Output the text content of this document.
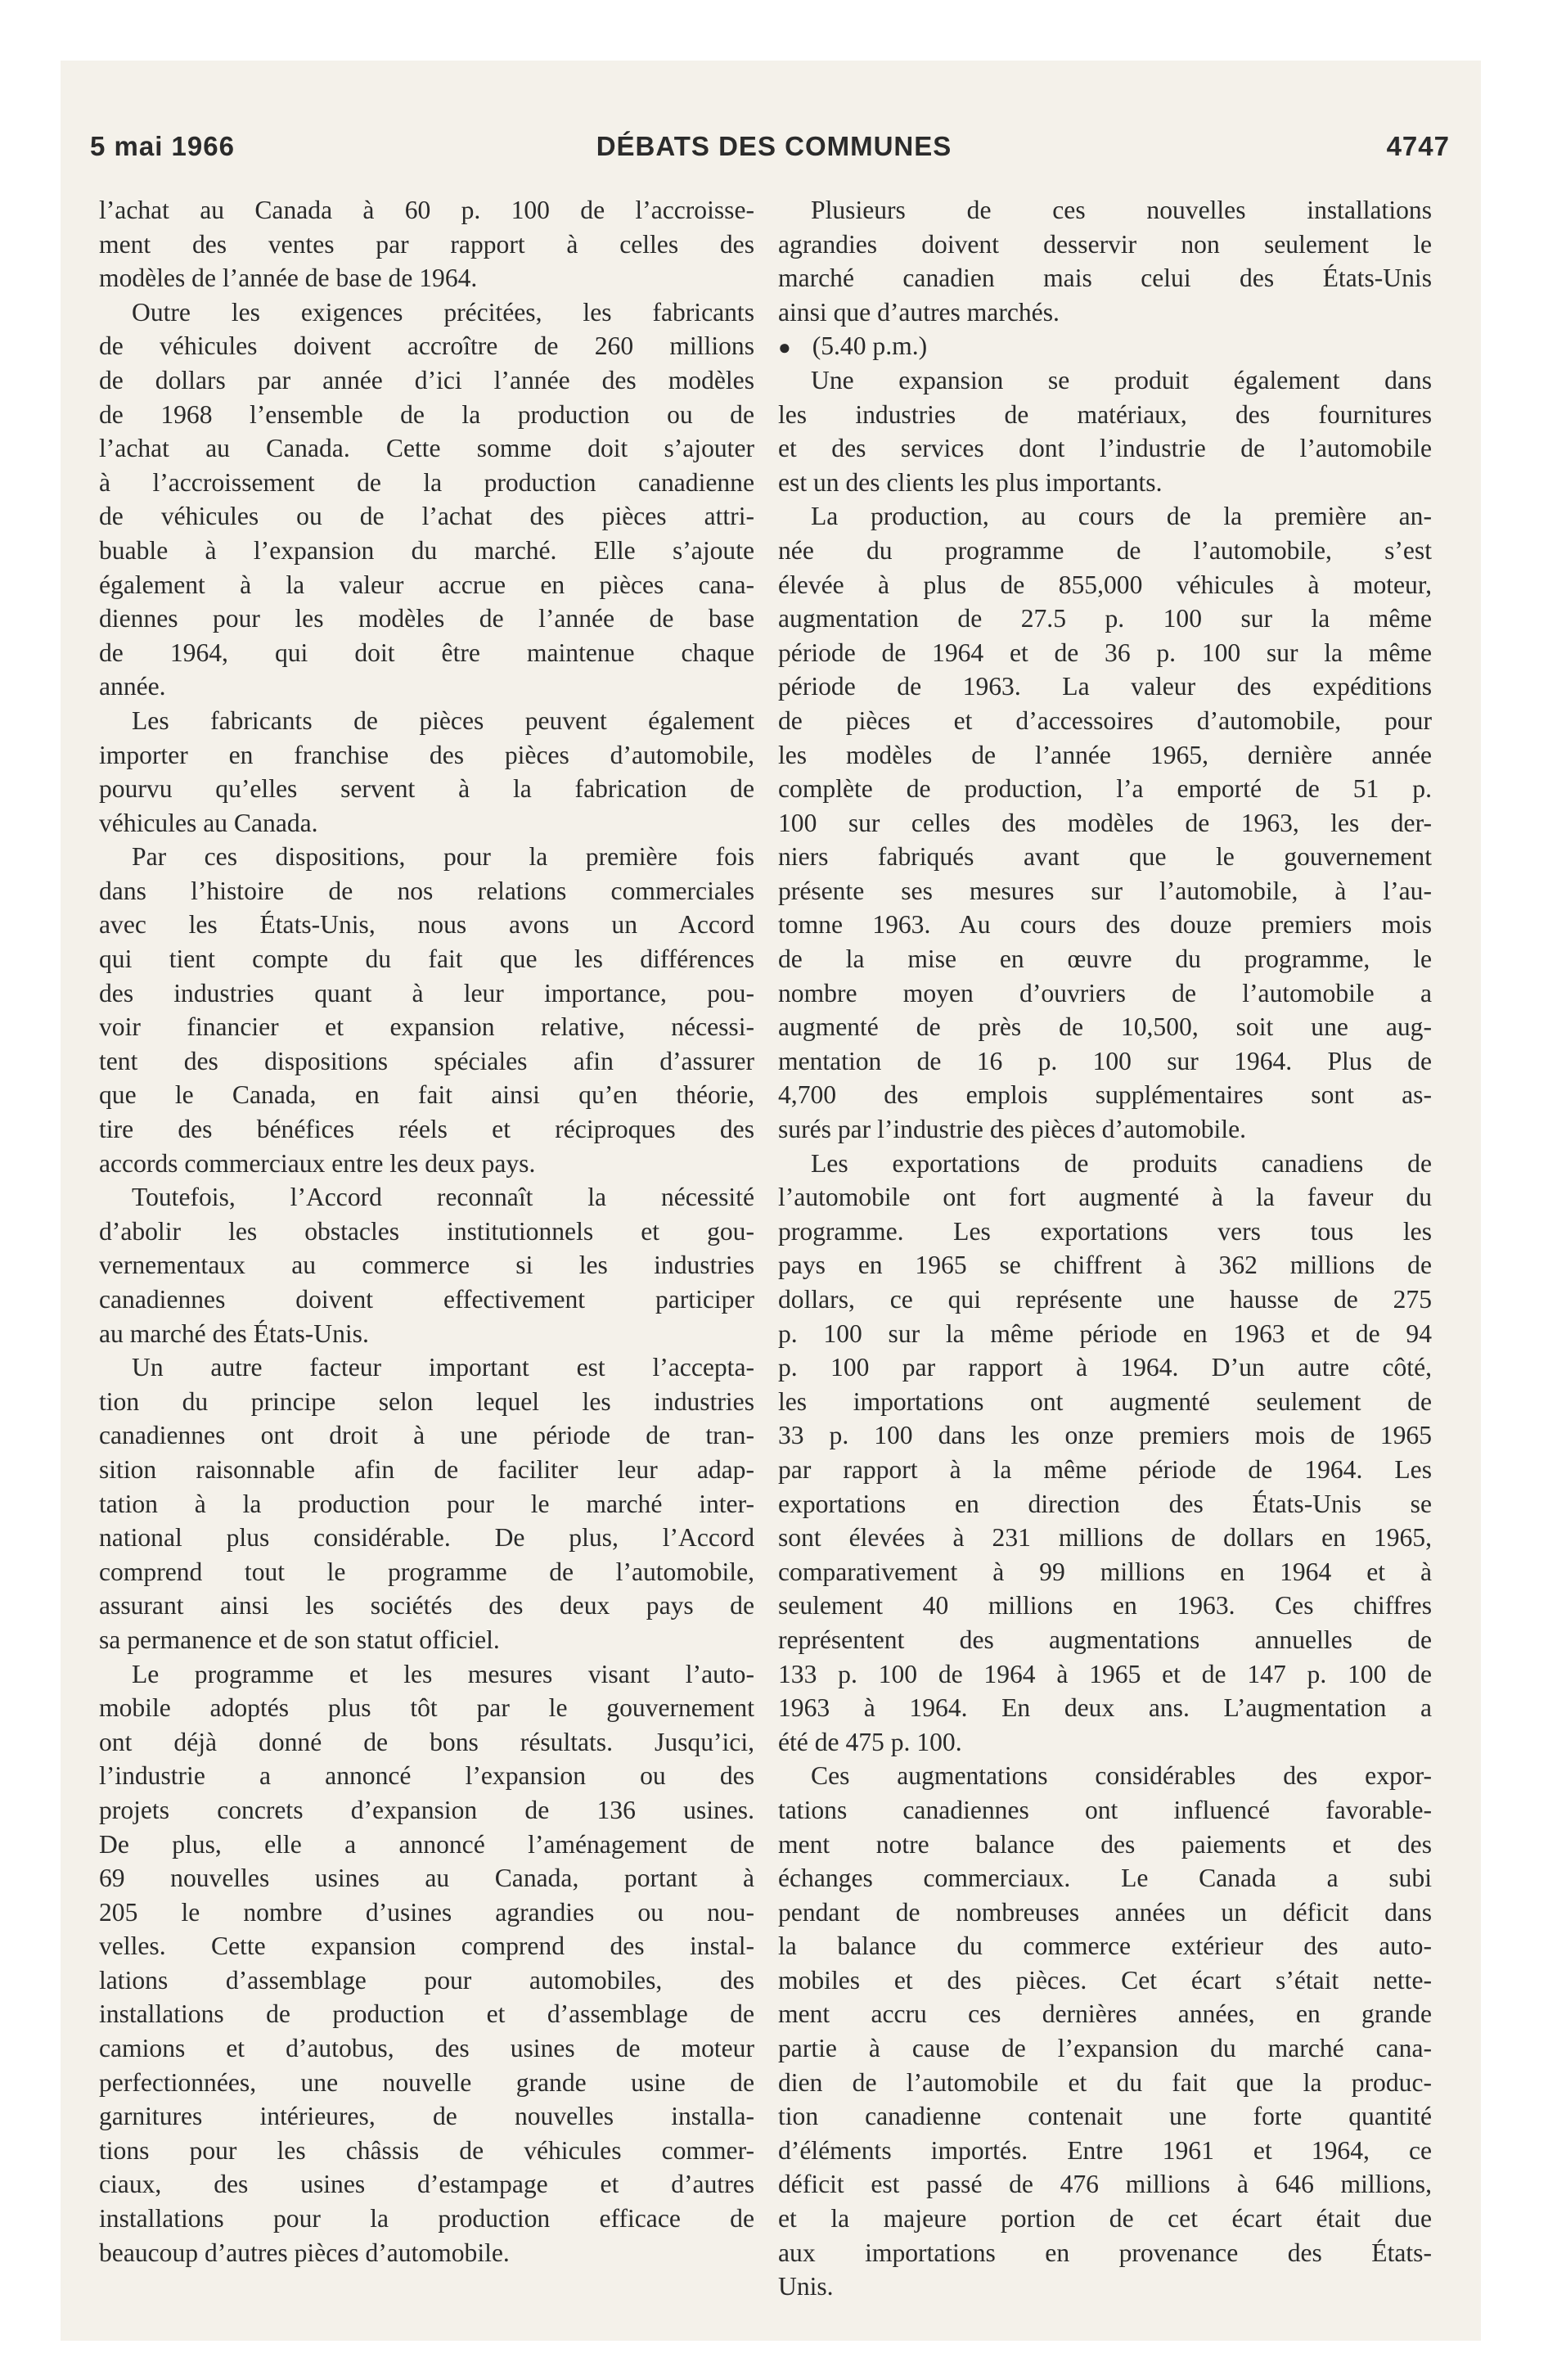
5 mai 1966	DÉBATS DES COMMUNES	4747
l’achat au Canada à 60 p. 100 de l’accroisse-
ment des ventes par rapport à celles des
modèles de l’année de base de 1964.
Outre les exigences précitées, les fabricants
de véhicules doivent accroître de 260 millions
de dollars par année d’ici l’année des modèles
de 1968 l’ensemble de la production ou de
l’achat au Canada. Cette somme doit s’ajouter
à l’accroissement de la production canadienne
de véhicules ou de l’achat des pièces attri-
buable à l’expansion du marché. Elle s’ajoute
également à la valeur accrue en pièces cana-
diennes pour les modèles de l’année de base
de 1964, qui doit être maintenue chaque
année.
Les fabricants de pièces peuvent également
importer en franchise des pièces d’automobile,
pourvu qu’elles servent à la fabrication de
véhicules au Canada.
Par ces dispositions, pour la première fois
dans l’histoire de nos relations commerciales
avec les États-Unis, nous avons un Accord
qui tient compte du fait que les différences
des industries quant à leur importance, pou-
voir financier et expansion relative, nécessi-
tent des dispositions spéciales afin d’assurer
que le Canada, en fait ainsi qu’en théorie,
tire des bénéfices réels et réciproques des
accords commerciaux entre les deux pays.
Toutefois, l’Accord reconnaît la nécessité
d’abolir les obstacles institutionnels et gou-
vernementaux au commerce si les industries
canadiennes doivent effectivement participer
au marché des États-Unis.
Un autre facteur important est l’accepta-
tion du principe selon lequel les industries
canadiennes ont droit à une période de tran-
sition raisonnable afin de faciliter leur adap-
tation à la production pour le marché inter-
national plus considérable. De plus, l’Accord
comprend tout le programme de l’automobile,
assurant ainsi les sociétés des deux pays de
sa permanence et de son statut officiel.
Le programme et les mesures visant l’auto-
mobile adoptés plus tôt par le gouvernement
ont déjà donné de bons résultats. Jusqu’ici,
l’industrie a annoncé l’expansion ou des
projets concrets d’expansion de 136 usines.
De plus, elle a annoncé l’aménagement de
69 nouvelles usines au Canada, portant à
205 le nombre d’usines agrandies ou nou-
velles. Cette expansion comprend des instal-
lations d’assemblage pour automobiles, des
installations de production et d’assemblage de
camions et d’autobus, des usines de moteur
perfectionnées, une nouvelle grande usine de
garnitures intérieures, de nouvelles installa-
tions pour les châssis de véhicules commer-
ciaux, des usines d’estampage et d’autres
installations pour la production efficace de
beaucoup d’autres pièces d’automobile.
Plusieurs de ces nouvelles installations
agrandies doivent desservir non seulement le
marché canadien mais celui des États-Unis
ainsi que d’autres marchés.
●  (5.40 p.m.)
Une expansion se produit également dans
les industries de matériaux, des fournitures
et des services dont l’industrie de l’automobile
est un des clients les plus importants.
La production, au cours de la première an-
née du programme de l’automobile, s’est
élevée à plus de 855,000 véhicules à moteur,
augmentation de 27.5 p. 100 sur la même
période de 1964 et de 36 p. 100 sur la même
période de 1963. La valeur des expéditions
de pièces et d’accessoires d’automobile, pour
les modèles de l’année 1965, dernière année
complète de production, l’a emporté de 51 p.
100 sur celles des modèles de 1963, les der-
niers fabriqués avant que le gouvernement
présente ses mesures sur l’automobile, à l’au-
tomne 1963. Au cours des douze premiers mois
de la mise en œuvre du programme, le
nombre moyen d’ouvriers de l’automobile a
augmenté de près de 10,500, soit une aug-
mentation de 16 p. 100 sur 1964. Plus de
4,700 des emplois supplémentaires sont as-
surés par l’industrie des pièces d’automobile.
Les exportations de produits canadiens de
l’automobile ont fort augmenté à la faveur du
programme. Les exportations vers tous les
pays en 1965 se chiffrent à 362 millions de
dollars, ce qui représente une hausse de 275
p. 100 sur la même période en 1963 et de 94
p. 100 par rapport à 1964. D’un autre côté,
les importations ont augmenté seulement de
33 p. 100 dans les onze premiers mois de 1965
par rapport à la même période de 1964. Les
exportations en direction des États-Unis se
sont élevées à 231 millions de dollars en 1965,
comparativement à 99 millions en 1964 et à
seulement 40 millions en 1963. Ces chiffres
représentent des augmentations annuelles de
133 p. 100 de 1964 à 1965 et de 147 p. 100 de
1963 à 1964. En deux ans. L’augmentation a
été de 475 p. 100.
Ces augmentations considérables des expor-
tations canadiennes ont influencé favorable-
ment notre balance des paiements et des
échanges commerciaux. Le Canada a subi
pendant de nombreuses années un déficit dans
la balance du commerce extérieur des auto-
mobiles et des pièces. Cet écart s’était nette-
ment accru ces dernières années, en grande
partie à cause de l’expansion du marché cana-
dien de l’automobile et du fait que la produc-
tion canadienne contenait une forte quantité
d’éléments importés. Entre 1961 et 1964, ce
déficit est passé de 476 millions à 646 millions,
et la majeure portion de cet écart était due
aux importations en provenance des États-
Unis.
